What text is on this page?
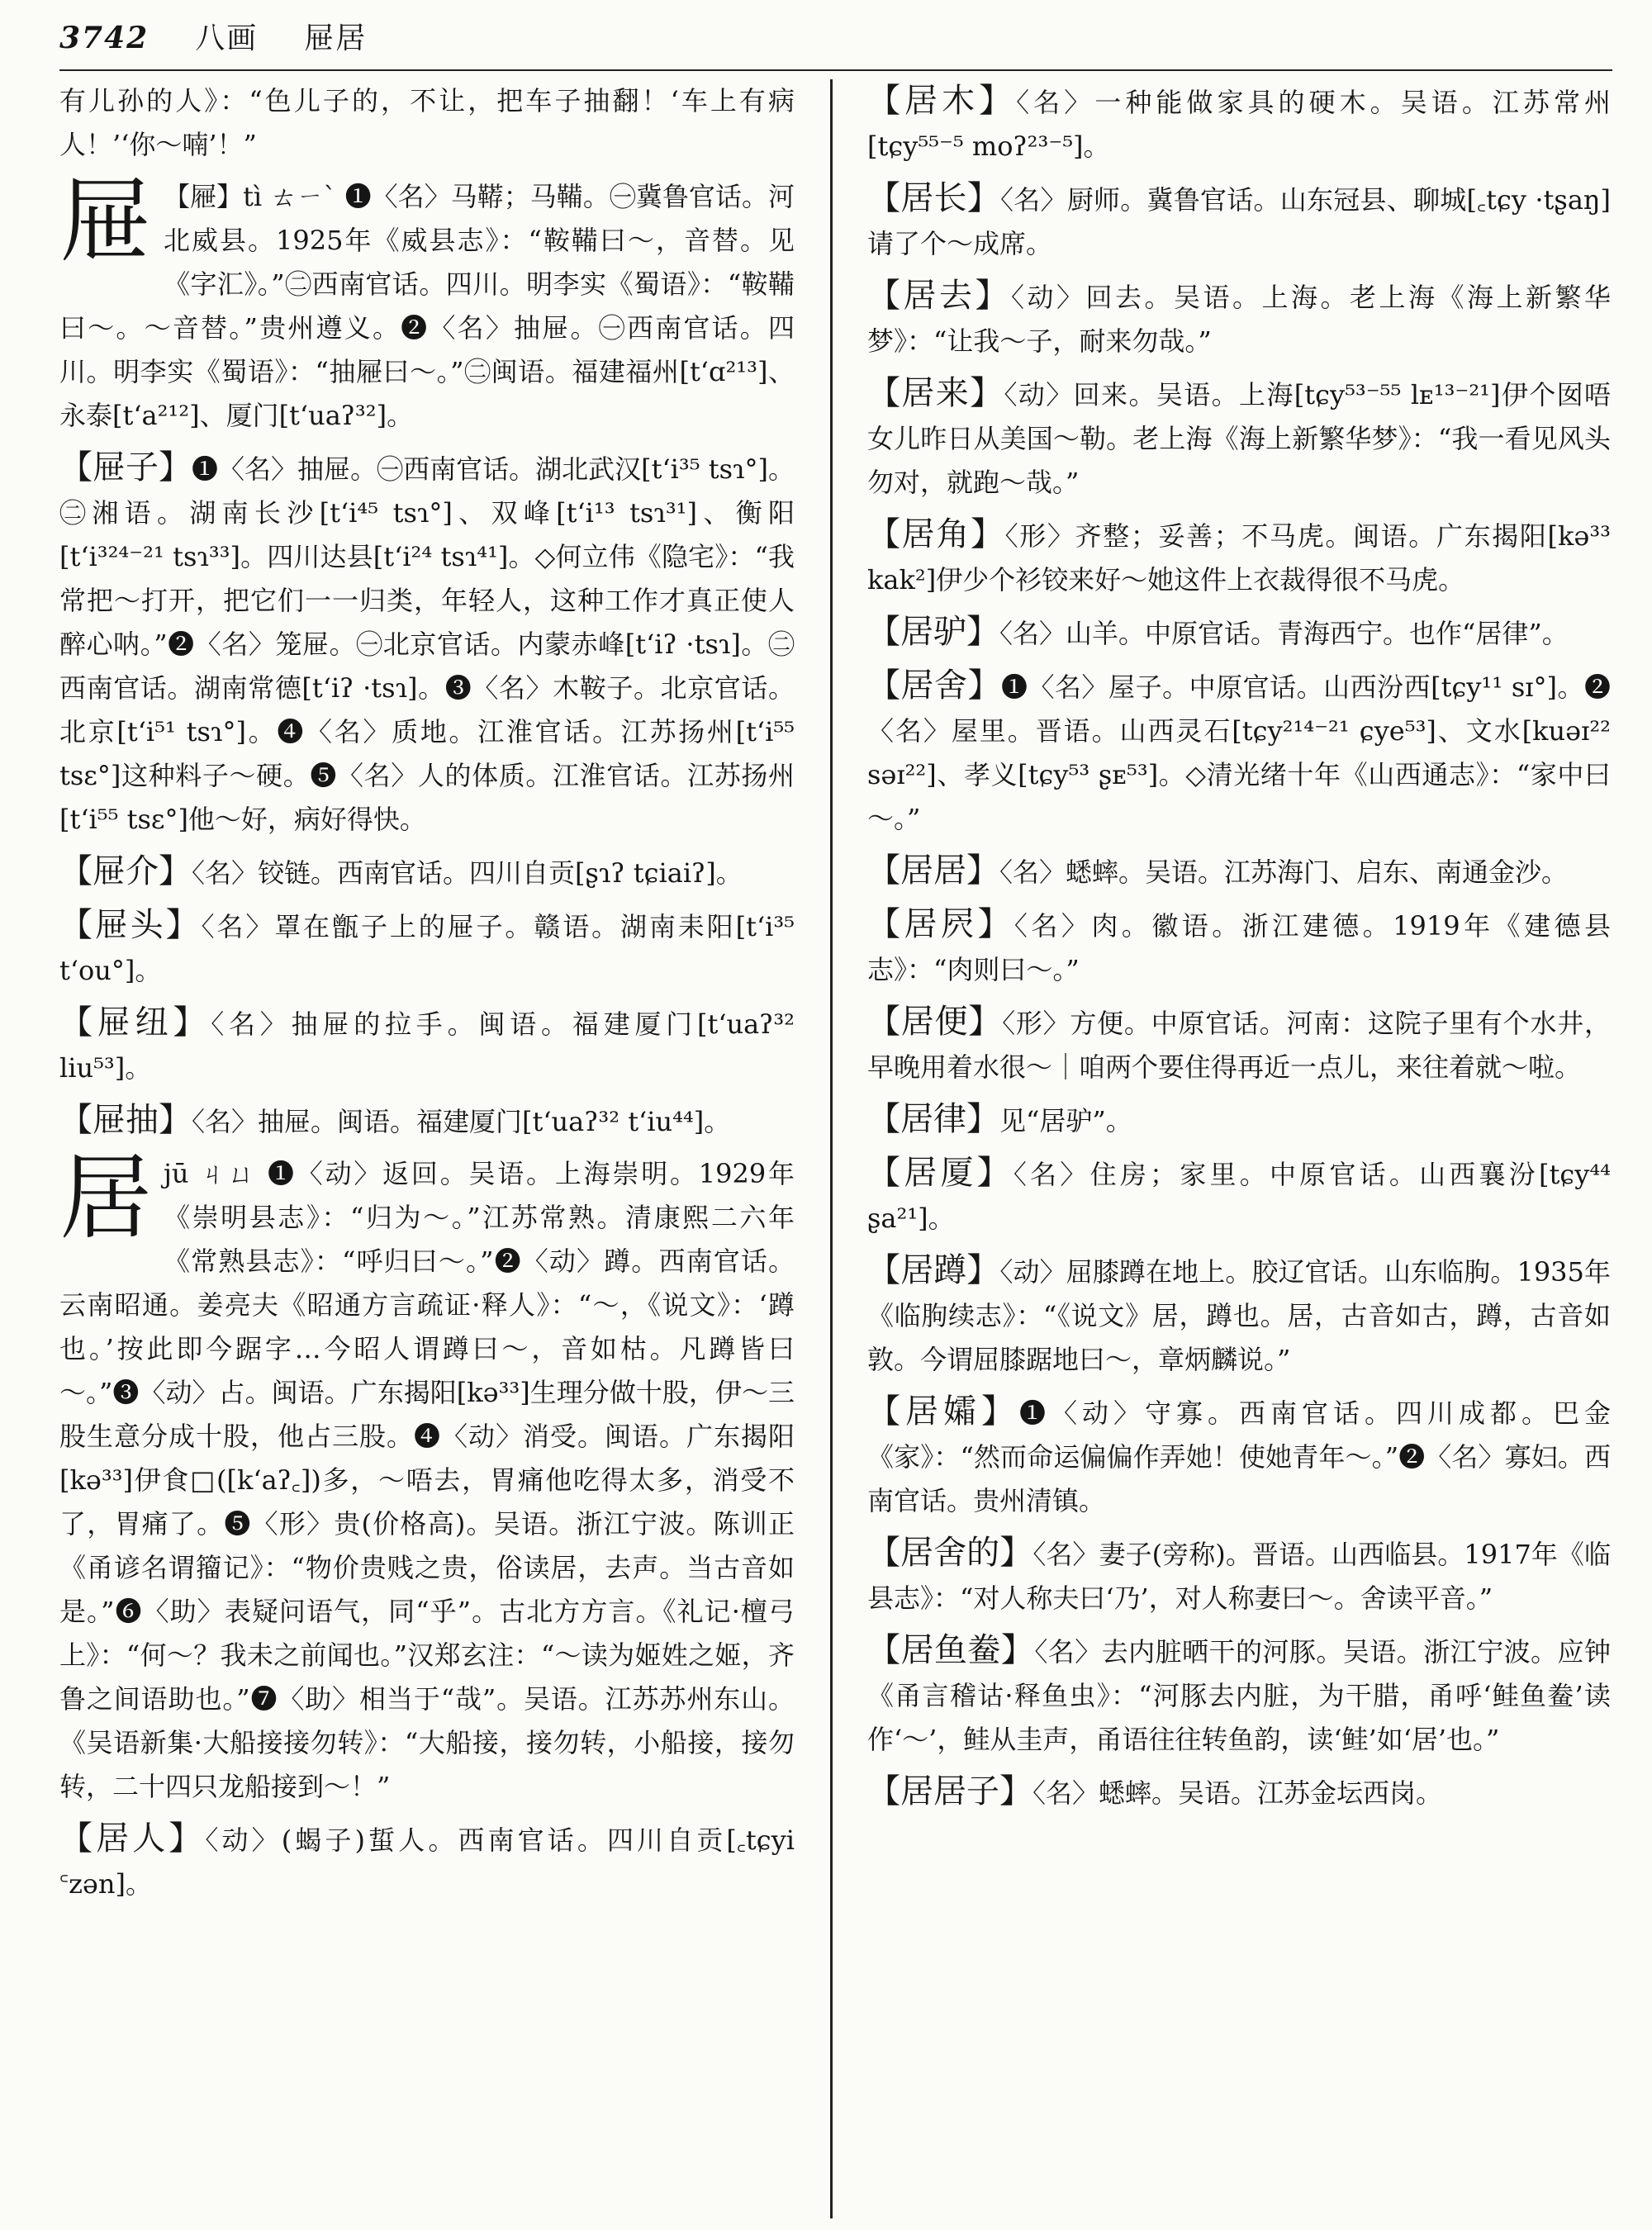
3742 八画 屉居

有儿孙的人》：“色儿子的，不让，把车子抽翻！‘车上有病人！’‘你～喃’！”

屉 【屜】tì ㄊㄧˋ ❶〈名〉马鞯；马鞴。㊀冀鲁官话。河北威县。1925年《威县志》：“鞍鞴曰～，音替。见《字汇》。”㊁西南官话。四川。明李实《蜀语》：“鞍鞴曰～。～音替。”贵州遵义。❷〈名〉抽屉。㊀西南官话。四川。明李实《蜀语》：“抽屜曰～。”㊁闽语。福建福州[t‘ɑ²¹³]、永泰[t‘a²¹²]、厦门[t‘uaʔ³²]。

【屉子】❶〈名〉抽屉。㊀西南官话。湖北武汉[t‘i³⁵ tsɿ°]。㊁湘语。湖南长沙[t‘i⁴⁵ tsɿ°]、双峰[t‘i¹³ tsɿ³¹]、衡阳[t‘i³²⁴⁻²¹ tsɿ³³]。四川达县[t‘i²⁴ tsɿ⁴¹]。◇何立伟《隐宅》：“我常把～打开，把它们一一归类，年轻人，这种工作才真正使人醉心呐。”❷〈名〉笼屉。㊀北京官话。内蒙赤峰[t‘iʔ ·tsɿ]。㊁西南官话。湖南常德[t‘iʔ ·tsɿ]。❸〈名〉木鞍子。北京官话。北京[t‘i⁵¹ tsɿ°]。❹〈名〉质地。江淮官话。江苏扬州[t‘i⁵⁵ tsɛ°]这种料子～硬。❺〈名〉人的体质。江淮官话。江苏扬州[t‘i⁵⁵ tsɛ°]他～好，病好得快。

【屉介】〈名〉铰链。西南官话。四川自贡[ʂɿʔ tɕiaiʔ]。

【屉头】〈名〉罩在甑子上的屉子。赣语。湖南耒阳[t‘i³⁵ t‘ou°]。

【屉纽】〈名〉抽屉的拉手。闽语。福建厦门[t‘uaʔ³² liu⁵³]。

【屉抽】〈名〉抽屉。闽语。福建厦门[t‘uaʔ³² t‘iu⁴⁴]。

居jū ㄐㄩ ❶〈动〉返回。吴语。上海崇明。1929年《崇明县志》：“归为～。”江苏常熟。清康熙二六年《常熟县志》：“呼归曰～。”❷〈动〉蹲。西南官话。云南昭通。姜亮夫《昭通方言疏证·释人》：“～，《说文》：‘蹲也。’按此即今踞字…今昭人谓蹲曰～，音如枯。凡蹲皆曰～。”❸〈动〉占。闽语。广东揭阳[kə³³]生理分做十股，伊～三股生意分成十股，他占三股。❹〈动〉消受。闽语。广东揭阳[kə³³]伊食□([k‘aʔ꜀])多，～唔去，胃痛他吃得太多，消受不了，胃痛了。❺〈形〉贵(价格高)。吴语。浙江宁波。陈训正《甬谚名谓籀记》：“物价贵贱之贵，俗读居，去声。当古音如是。”❻〈助〉表疑问语气，同“乎”。古北方方言。《礼记·檀弓上》：“何～？我未之前闻也。”汉郑玄注：“～读为姬姓之姬，齐鲁之间语助也。”❼〈助〉相当于“哉”。吴语。江苏苏州东山。《吴语新集·大船接接勿转》：“大船接，接勿转，小船接，接勿转，二十四只龙船接到～！”

【居人】〈动〉(蝎子)蜇人。西南官话。四川自贡[꜀tɕyi ꜂zən]。

【居木】〈名〉一种能做家具的硬木。吴语。江苏常州[tɕy⁵⁵⁻⁵ moʔ²³⁻⁵]。

【居长】〈名〉厨师。冀鲁官话。山东冠县、聊城[꜀tɕy ·tʂaŋ]请了个～成席。

【居去】〈动〉回去。吴语。上海。老上海《海上新繁华梦》：“让我～子，耐来勿哉。”

【居来】〈动〉回来。吴语。上海[tɕy⁵³⁻⁵⁵ lᴇ¹³⁻²¹]伊个囡唔女儿昨日从美国～勒。老上海《海上新繁华梦》：“我一看见风头勿对，就跑～哉。”

【居角】〈形〉齐整；妥善；不马虎。闽语。广东揭阳[kə³³ kak²]伊少个衫铰来好～她这件上衣裁得很不马虎。

【居驴】〈名〉山羊。中原官话。青海西宁。也作“居律”。

【居舍】❶〈名〉屋子。中原官话。山西汾西[tɕy¹¹ sɪ°]。❷〈名〉屋里。晋语。山西灵石[tɕy²¹⁴⁻²¹ ɕye⁵³]、文水[kuəɪ²² səɪ²²]、孝义[tɕy⁵³ ʂᴇ⁵³]。◇清光绪十年《山西通志》：“家中曰～。”

【居居】〈名〉蟋蟀。吴语。江苏海门、启东、南通金沙。

【居屄】〈名〉肉。徽语。浙江建德。1919年《建德县志》：“肉则曰～。”

【居便】〈形〉方便。中原官话。河南：这院子里有个水井，早晚用着水很～｜咱两个要住得再近一点儿，来往着就～啦。

【居律】见“居驴”。

【居厦】〈名〉住房；家里。中原官话。山西襄汾[tɕy⁴⁴ ʂa²¹]。

【居蹲】〈动〉屈膝蹲在地上。胶辽官话。山东临朐。1935年《临朐续志》：“《说文》居，蹲也。居，古音如古，蹲，古音如敦。今谓屈膝踞地曰～，章炳麟说。”

【居孀】❶〈动〉守寡。西南官话。四川成都。巴金《家》：“然而命运偏偏作弄她！使她青年～。”❷〈名〉寡妇。西南官话。贵州清镇。

【居舍的】〈名〉妻子(旁称)。晋语。山西临县。1917年《临县志》：“对人称夫曰‘乃’，对人称妻曰～。舍读平音。”

【居鱼鲞】〈名〉去内脏晒干的河豚。吴语。浙江宁波。应钟《甬言稽诂·释鱼虫》：“河豚去内脏，为干腊，甬呼‘鲑鱼鲞’读作‘～’，鲑从圭声，甬语往往转鱼韵，读‘鲑’如‘居’也。”

【居居子】〈名〉蟋蟀。吴语。江苏金坛西岗。
